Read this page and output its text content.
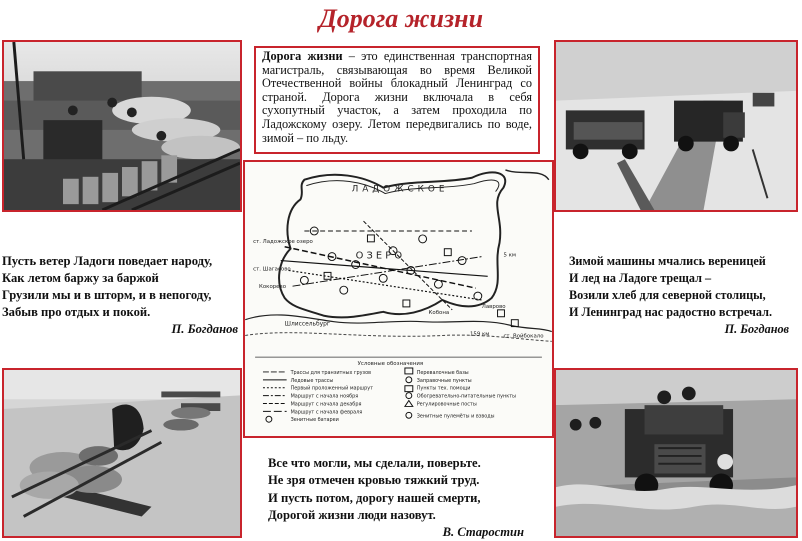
Дорога жизни
Дорога жизни – это единственная транспортная магистраль, связывающая во время Великой Отечественной войны блокадный Ленинград со страной. Дорога жизни включала в себя сухопутный участок, а затем проходила по Ладожскому озеру. Летом передвигались по воде, зимой – по льду.
ЛАДОЖСКОЕ
О З Е Р О
ст. Ладожское озеро
ст. Шагасово
Кокорево
Шлиссельбург
Кобона
Лаврово
ст. Войбокало
5 км
159 км
Условные обозначения
Трассы для транзитных грузов
Ледовые трассы
Первый проложенный маршрут
Маршрут с начала ноября
Маршрут с начала декабря
Маршрут с начала февраля
Зенитные батареи
Перевалочные базы
Заправочные пункты
Пункты тех. помощи
Обогревательно-питательные пункты
Регулировочные посты
Зенитные пулемёты и взводы
Пусть ветер Ладоги поведает народу,
Как летом баржу за баржой
Грузили мы и в шторм, и в непогоду,
Забыв про отдых и покой.
П. Богданов
Зимой машины мчались вереницей
И лед на Ладоге трещал –
Возили хлеб для северной столицы,
И Ленинград нас радостно встречал.
П. Богданов
Все что могли, мы сделали, поверьте.
Не зря отмечен кровью тяжкий труд.
И пусть потом, дорогу нашей смерти,
Дорогой жизни люди назовут.
В. Старостин
